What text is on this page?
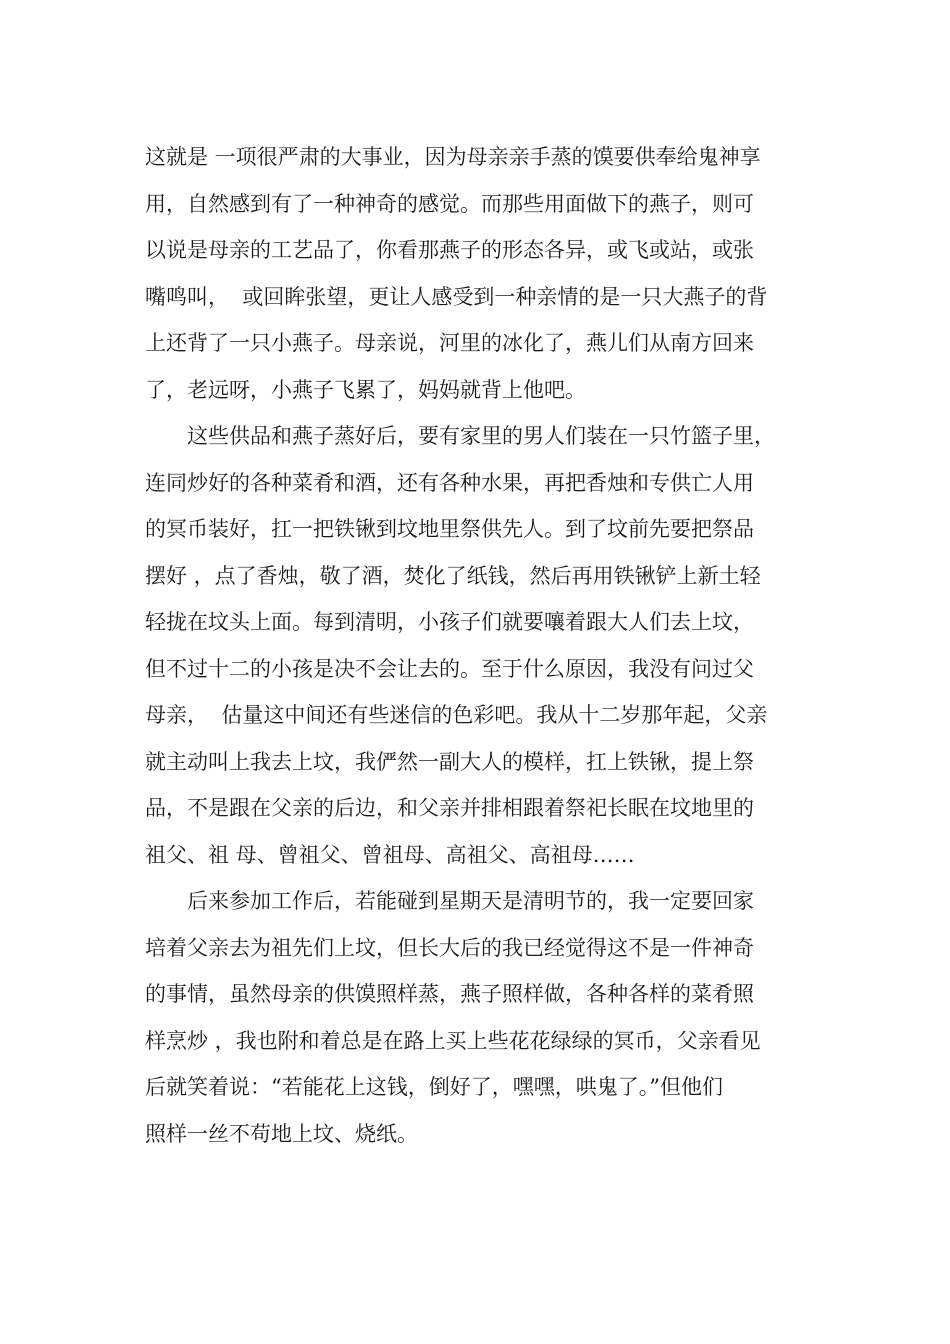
这就是 一项很严肃的大事业，因为母亲亲手蒸的馍要供奉给鬼神享
用，自然感到有了一种神奇的感觉。而那些用面做下的燕子，则可
以说是母亲的工艺品了，你看那燕子的形态各异，或飞或站，或张
嘴鸣叫，  或回眸张望，更让人感受到一种亲情的是一只大燕子的背
上还背了一只小燕子。母亲说，河里的冰化了，燕儿们从南方回来
了，老远呀，小燕子飞累了，妈妈就背上他吧。
这些供品和燕子蒸好后，要有家里的男人们装在一只竹篮子里，
连同炒好的各种菜肴和酒，还有各种水果，再把香烛和专供亡人用
的冥币装好，扛一把铁锹到坟地里祭供先人。到了坟前先要把祭品
摆好 ，点了香烛，敬了酒，焚化了纸钱，然后再用铁锹铲上新土轻
轻拢在坟头上面。每到清明，小孩子们就要嚷着跟大人们去上坟，
但不过十二的小孩是决不会让去的。至于什么原因，我没有问过父
母亲，  估量这中间还有些迷信的色彩吧。我从十二岁那年起，父亲
就主动叫上我去上坟，我俨然一副大人的模样，扛上铁锹，提上祭
品，不是跟在父亲的后边，和父亲并排相跟着祭祀长眠在坟地里的
祖父、祖 母、曾祖父、曾祖母、高祖父、高祖母……
后来参加工作后，若能碰到星期天是清明节的，我一定要回家
培着父亲去为祖先们上坟，但长大后的我已经觉得这不是一件神奇
的事情，虽然母亲的供馍照样蒸，燕子照样做，各种各样的菜肴照
样烹炒 ，我也附和着总是在路上买上些花花绿绿的冥币，父亲看见
后就笑着说：“若能花上这钱，倒好了，嘿嘿，哄鬼了。”但他们
照样一丝不苟地上坟、烧纸。
